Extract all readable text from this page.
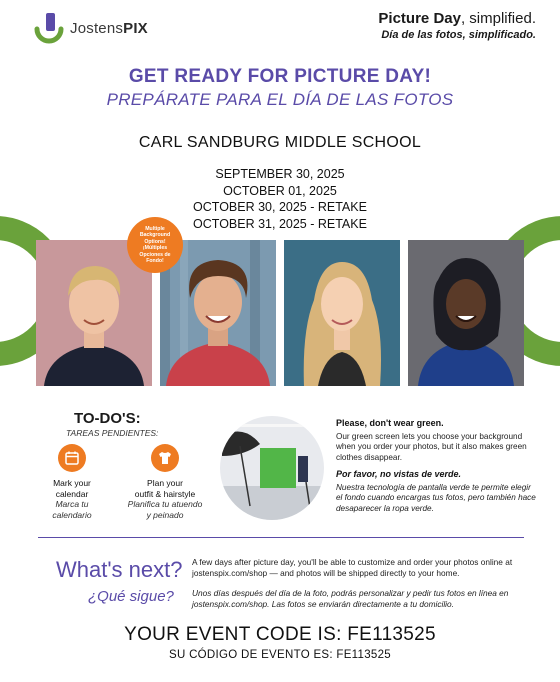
JostensPIX
Picture Day, simplified.
Día de las fotos, simplificado.
GET READY FOR PICTURE DAY!
PREPÁRATE PARA EL DÍA DE LAS FOTOS
CARL SANDBURG MIDDLE SCHOOL
SEPTEMBER 30, 2025
OCTOBER 01, 2025
OCTOBER 30, 2025 - RETAKE
OCTOBER 31, 2025 - RETAKE
Multiple Background Options! ¡Múltiples Opciones de Fondo!
TO-DO'S:
TAREAS PENDIENTES:
Mark your
calendar
Marca tu
calendario
Plan your
outfit & hairstyle
Planifica tu atuendo
y peinado
Please, don't wear green.
Our green screen lets you choose your background when you order your photos, but it also makes green clothes disappear.
Por favor, no vistas de verde.
Nuestra tecnología de pantalla verde te permite elegir el fondo cuando encargas tus fotos, pero también hace desaparecer la ropa verde.
What's next?
¿Qué sigue?
A few days after picture day, you'll be able to customize and order your photos online at jostenspix.com/shop — and photos will be shipped directly to your home.
Unos días después del día de la foto, podrás personalizar y pedir tus fotos en línea en jostenspix.com/shop. Las fotos se enviarán directamente a tu domicilio.
YOUR EVENT CODE IS: FE113525
SU CÓDIGO DE EVENTO ES: FE113525
